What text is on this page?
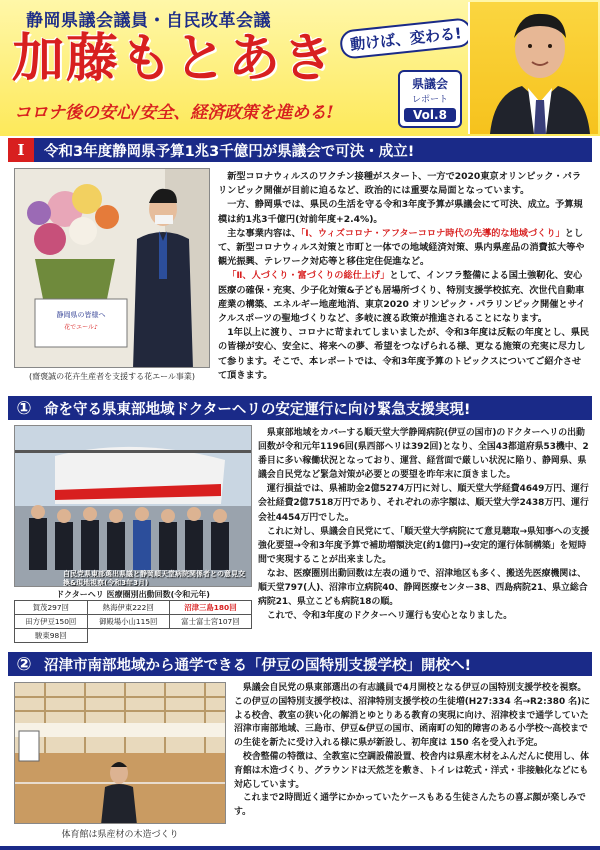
静岡県議会議員・自民改革会議
加藤もとあき 動けば、変わる!
県議会
レポート
Vol.8
コロナ後の安心/安全、経済政策を進める!
Ⅰ	令和3年度静岡県予算1兆3千億円が県議会で可決・成立!
静岡県の皆様へ
花でエール♪
(齋褒誠の花卉生産者を支援する花エール事業)

新型コロナウィルスのワクチン接種がスタート、一方で2020東京オリンピック・パラリンピック開催が目前に迫るなど、政治的には重要な局面となっています。

一方、静岡県では、県民の生活を守る令和3年度予算が県議会にて可決、成立。予算規模は約1兆3千億円(対前年度+2.4%)。

主な事業内容は、「Ⅰ、ウィズコロナ・アフターコロナ時代の先導的な地域づくり」として、新型コロナウィルス対策と市町と一体での地域経済対策、県内県産品の消費拡大等や観光振興、テレワーク対応等と移住定住促進など。

「Ⅱ、人づくり・富づくりの総仕上げ」として、インフラ整備による国土強靭化、安心医療の確保・充実、少子化対策&子ども居場所づくり、特別支援学校拡充、次世代自動車産業の構築、エネルギー地産地消、東京2020 オリンピック・パラリンピック開催とサイクルスポーツの聖地づくりなど、多岐に渡る政策が推進されることになります。

1年以上に渡り、コロナに苛まれてしまいましたが、令和3年度は反転の年度とし、県民の皆様が安心、安全に、将来への夢、希望をつなげられる様、更なる施策の充実に尽力して参ります。そこで、本レポートでは、令和3年度予算のトピックスについてご紹介させて頂きます。

① 命を守る県東部地域ドクターヘリの安定運行に向け緊急支援実現!
自民党県東部選出県議と静岡順天堂病院関係者との意見交換&現地視察(令和3年3月)
ドクターヘリ 医療圏別出動回数(令和元年)
賀茂297回	熱海伊東222回	沼津三島180回
田方伊豆150回	御殿場小山115回	富士富士宮107回
駿東98回		

県東部地域をカバーする順天堂大学静岡病院(伊豆の国市)のドクターヘリの出動回数が令和元年1196回(県西部ヘリは392回)となり、全国43都道府県53機中、2番目に多い稼働状況となっており、運営、経営面で厳しい状況に陥り、静岡県、県議会自民党など緊急対策が必要との要望を昨年末に頂きました。

運行損益では、県補助金2億5274万円に対し、順天堂大学経費4649万円、運行会社経費2億7518万円であり、それぞれの赤字額は、順天堂大学2438万円、運行会社4454万円でした。

これに対し、県議会自民党にて、「順天堂大学病院にて意見聴取→県知事への支援強化要望→令和3年度予算で補助増額決定(約1億円)→安定的運行体制構築」を短時間で実現することが出来ました。

なお、医療圏別出動回数は左表の通りで、沼津地区も多く、搬送先医療機関は、順天堂797(人)、沼津市立病院40、静岡医療センター38、西島病院21、県立総合病院21、県立こども病院18の順。

これで、令和3年度のドクターヘリ運行も安心となりました。

② 沼津市南部地域から通学できる「伊豆の国特別支援学校」開校へ!
体育館は県産材の木造づくり

県議会自民党の県東部選出の有志議員で4月開校となる伊豆の国特別支援学校を視察。この伊豆の国特別支援学校は、沼津特別支援学校の生徒増(H27:334 名→R2:380 名)による校舎、教室の狭い化の解消とゆとりある教育の実現に向け、沼津校まで通学していた沼津市南部地域、三島市、伊豆&伊豆の国市、函南町の知的障害のある小学校〜高校までの生徒を新たに受け入れる様に県が新設し、初年度は 150 名を受入れ予定。

校舎整備の特徴は、全教室に空調設備設置、校舎内は県産木材をふんだんに使用し、体育館は木造づくり、グラウンドは天然芝を敷き、トイレは乾式・洋式・非接触化などにも対応しています。

これまで2時間近く通学にかかっていたケースもある生徒さんたちの喜ぶ顔が楽しみです。
